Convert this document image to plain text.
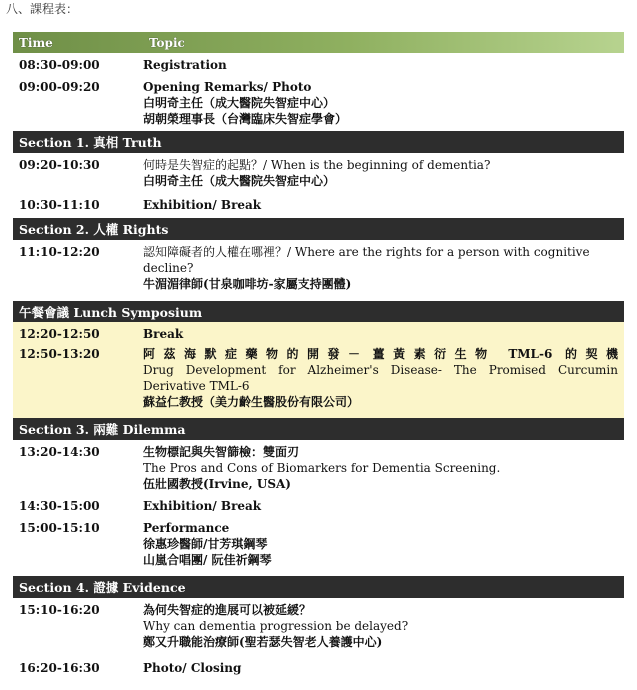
八、課程表：
Time	Topic
08:30-09:00	Registration
09:00-09:20	Opening Remarks/ Photo
白明奇主任（成大醫院失智症中心）
胡朝榮理事長（台灣臨床失智症學會）
Section 1. 真相 Truth
09:20-10:30	何時是失智症的起點？/ When is the beginning of dementia?
白明奇主任（成大醫院失智症中心）
10:30-11:10	Exhibition/ Break
Section 2. 人權 Rights
11:10-12:20	認知障礙者的人權在哪裡？/ Where are the rights for a person with cognitive decline?
牛湄湄律師(甘泉咖啡坊-家屬支持團體)
午餐會議 Lunch Symposium
12:20-12:50	Break
12:50-13:20	阿茲海默症藥物的開發－ 薑黃素衍生物 TML-6 的契機
Drug Development for Alzheimer's Disease- The Promised Curcumin Derivative TML-6
蘇益仁教授（美力齡生醫股份有限公司）
Section 3. 兩難 Dilemma
13:20-14:30	生物標記與失智篩檢：雙面刃
The Pros and Cons of Biomarkers for Dementia Screening.
伍壯國教授(Irvine, USA)
14:30-15:00	Exhibition/ Break
15:00-15:10	Performance
徐惠珍醫師/甘芳琪鋼琴
山嵐合唱團/ 阮佳祈鋼琴
Section 4. 證據 Evidence
15:10-16:20	為何失智症的進展可以被延緩？
Why can dementia progression be delayed?
鄭又升職能治療師(聖若瑟失智老人養護中心)
16:20-16:30	Photo/ Closing
